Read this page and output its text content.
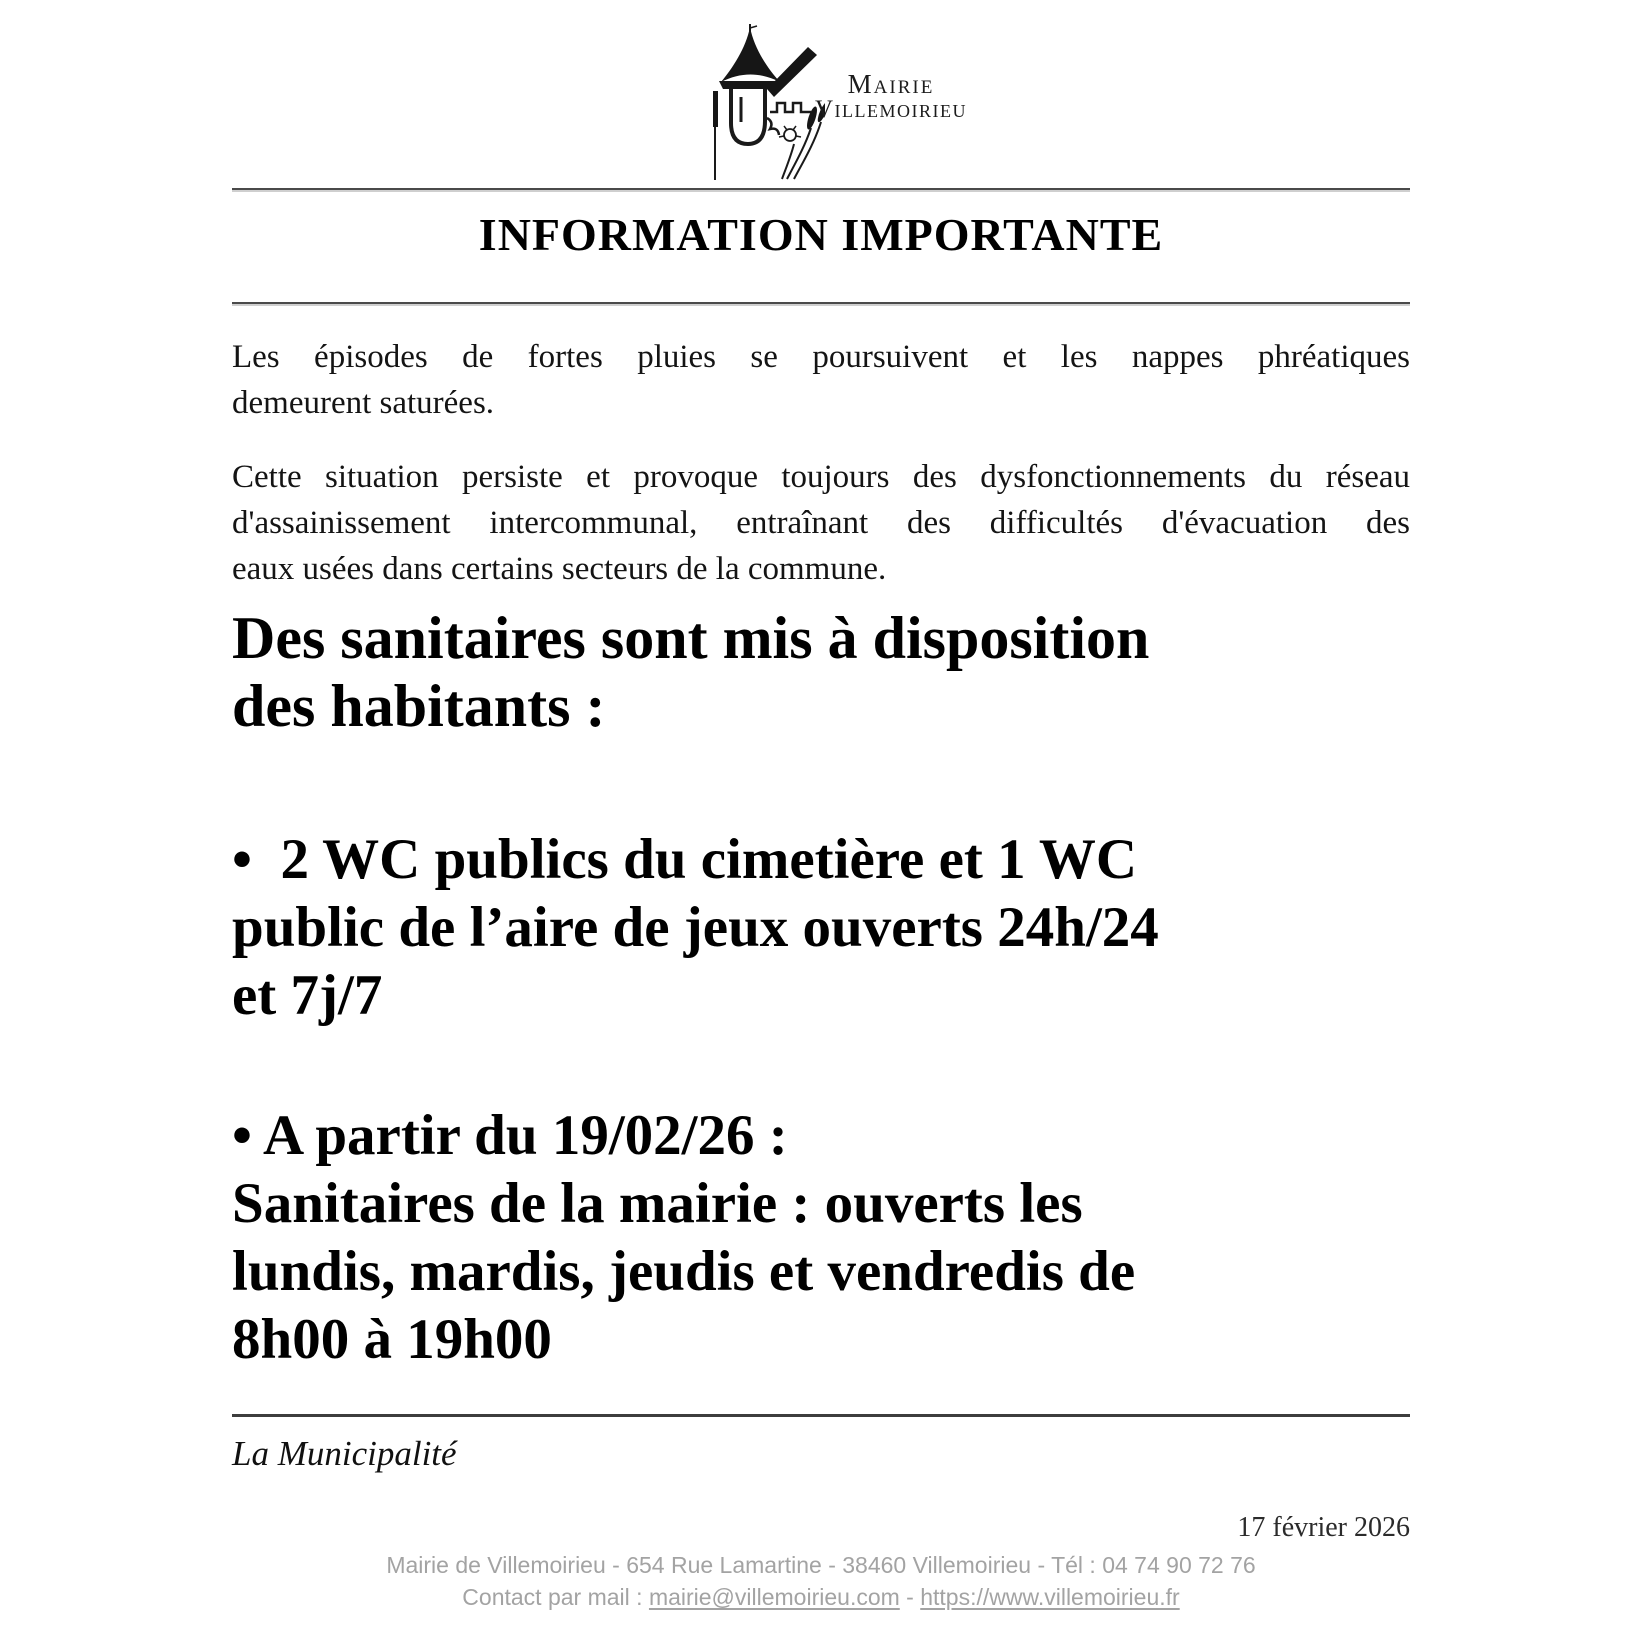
Mairie
Villemoirieu
INFORMATION IMPORTANTE

Les épisodes de fortes pluies se poursuivent et les nappes phréatiques
demeurent saturées.

Cette situation persiste et provoque toujours des dysfonctionnements du réseau
d'assainissement intercommunal, entraînant des difficultés d'évacuation des
eaux usées dans certains secteurs de la commune.

Des sanitaires sont mis à disposition
des habitants :
•  2 WC publics du cimetière et 1 WC
public de l’aire de jeux ouverts 24h/24
et 7j/7
• A partir du 19/02/26 :
Sanitaires de la mairie : ouverts les
lundis, mardis, jeudis et vendredis de
8h00 à 19h00
La Municipalité
17 février 2026
Mairie de Villemoirieu - 654 Rue Lamartine - 38460 Villemoirieu - Tél : 04 74 90 72 76
Contact par mail : mairie@villemoirieu.com - https://www.villemoirieu.fr
